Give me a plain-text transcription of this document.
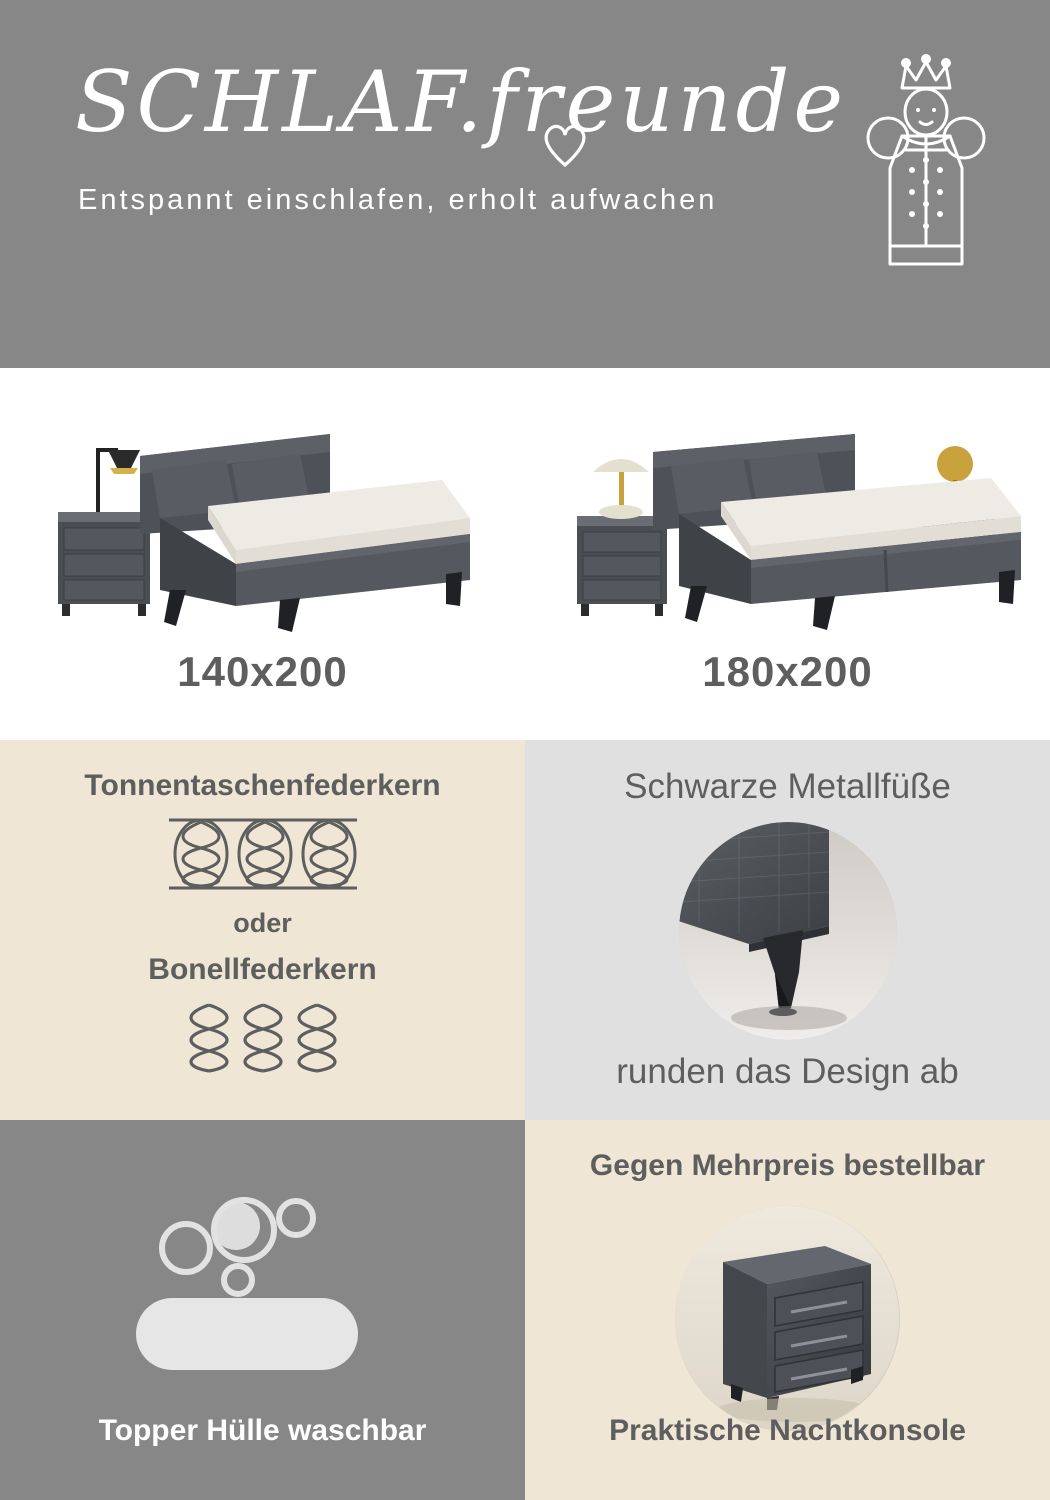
SCHLAF.freunde
Entspannt einschlafen, erholt aufwachen
140x200	180x200
Tonnentaschenfederkern
oder
Bonellfederkern
Schwarze Metallfüße
runden das Design ab
Topper Hülle waschbar
Gegen Mehrpreis bestellbar
Praktische Nachtkonsole
